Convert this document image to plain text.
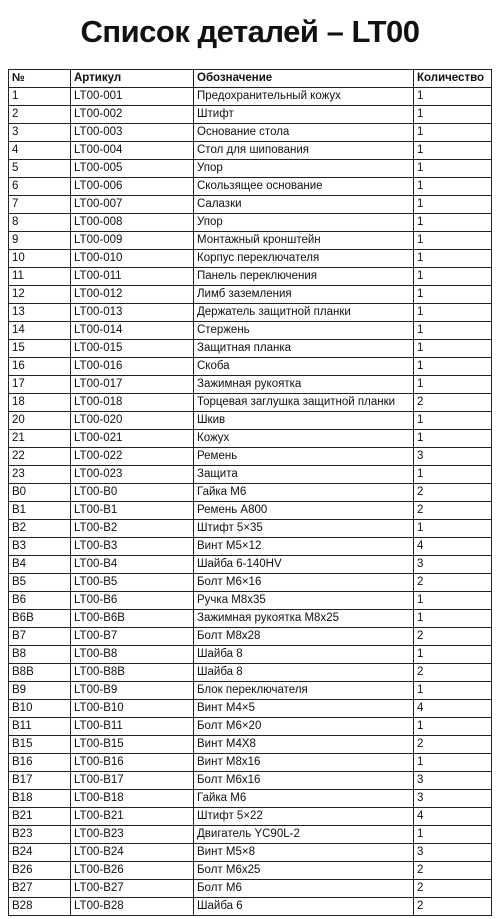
Список деталей – LT00
№	Артикул	Обозначение	Количество
1	LT00-001	Предохранительный кожух	1
2	LT00-002	Штифт	1
3	LT00-003	Основание стола	1
4	LT00-004	Стол для шипования	1
5	LT00-005	Упор	1
6	LT00-006	Скользящее основание	1
7	LT00-007	Салазки	1
8	LT00-008	Упор	1
9	LT00-009	Монтажный кронштейн	1
10	LT00-010	Корпус переключателя	1
11	LT00-011	Панель переключения	1
12	LT00-012	Лимб заземления	1
13	LT00-013	Держатель защитной планки	1
14	LT00-014	Стержень	1
15	LT00-015	Защитная планка	1
16	LT00-016	Скоба	1
17	LT00-017	Зажимная рукоятка	1
18	LT00-018	Торцевая заглушка защитной планки	2
20	LT00-020	Шкив	1
21	LT00-021	Кожух	1
22	LT00-022	Ремень	3
23	LT00-023	Защита	1
B0	LT00-B0	Гайка М6	2
B1	LT00-B1	Ремень А800	2
B2	LT00-B2	Штифт 5×35	1
B3	LT00-B3	Винт М5×12	4
B4	LT00-B4	Шайба 6-140HV	3
B5	LT00-B5	Болт М6×16	2
B6	LT00-B6	Ручка М8х35	1
B6B	LT00-B6B	Зажимная рукоятка М8х25	1
B7	LT00-B7	Болт М8х28	2
B8	LT00-B8	Шайба 8	1
B8B	LT00-B8B	Шайба 8	2
B9	LT00-B9	Блок переключателя	1
B10	LT00-B10	Винт М4×5	4
B11	LT00-B11	Болт М6×20	1
B15	LT00-B15	Винт М4Х8	2
B16	LT00-B16	Винт М8х16	1
B17	LT00-B17	Болт М6х16	3
B18	LT00-B18	Гайка М6	3
B21	LT00-B21	Штифт 5×22	4
B23	LT00-B23	Двигатель YC90L-2	1
B24	LT00-B24	Винт М5×8	3
B26	LT00-B26	Болт М6х25	2
B27	LT00-B27	Болт М6	2
B28	LT00-B28	Шайба 6	2
